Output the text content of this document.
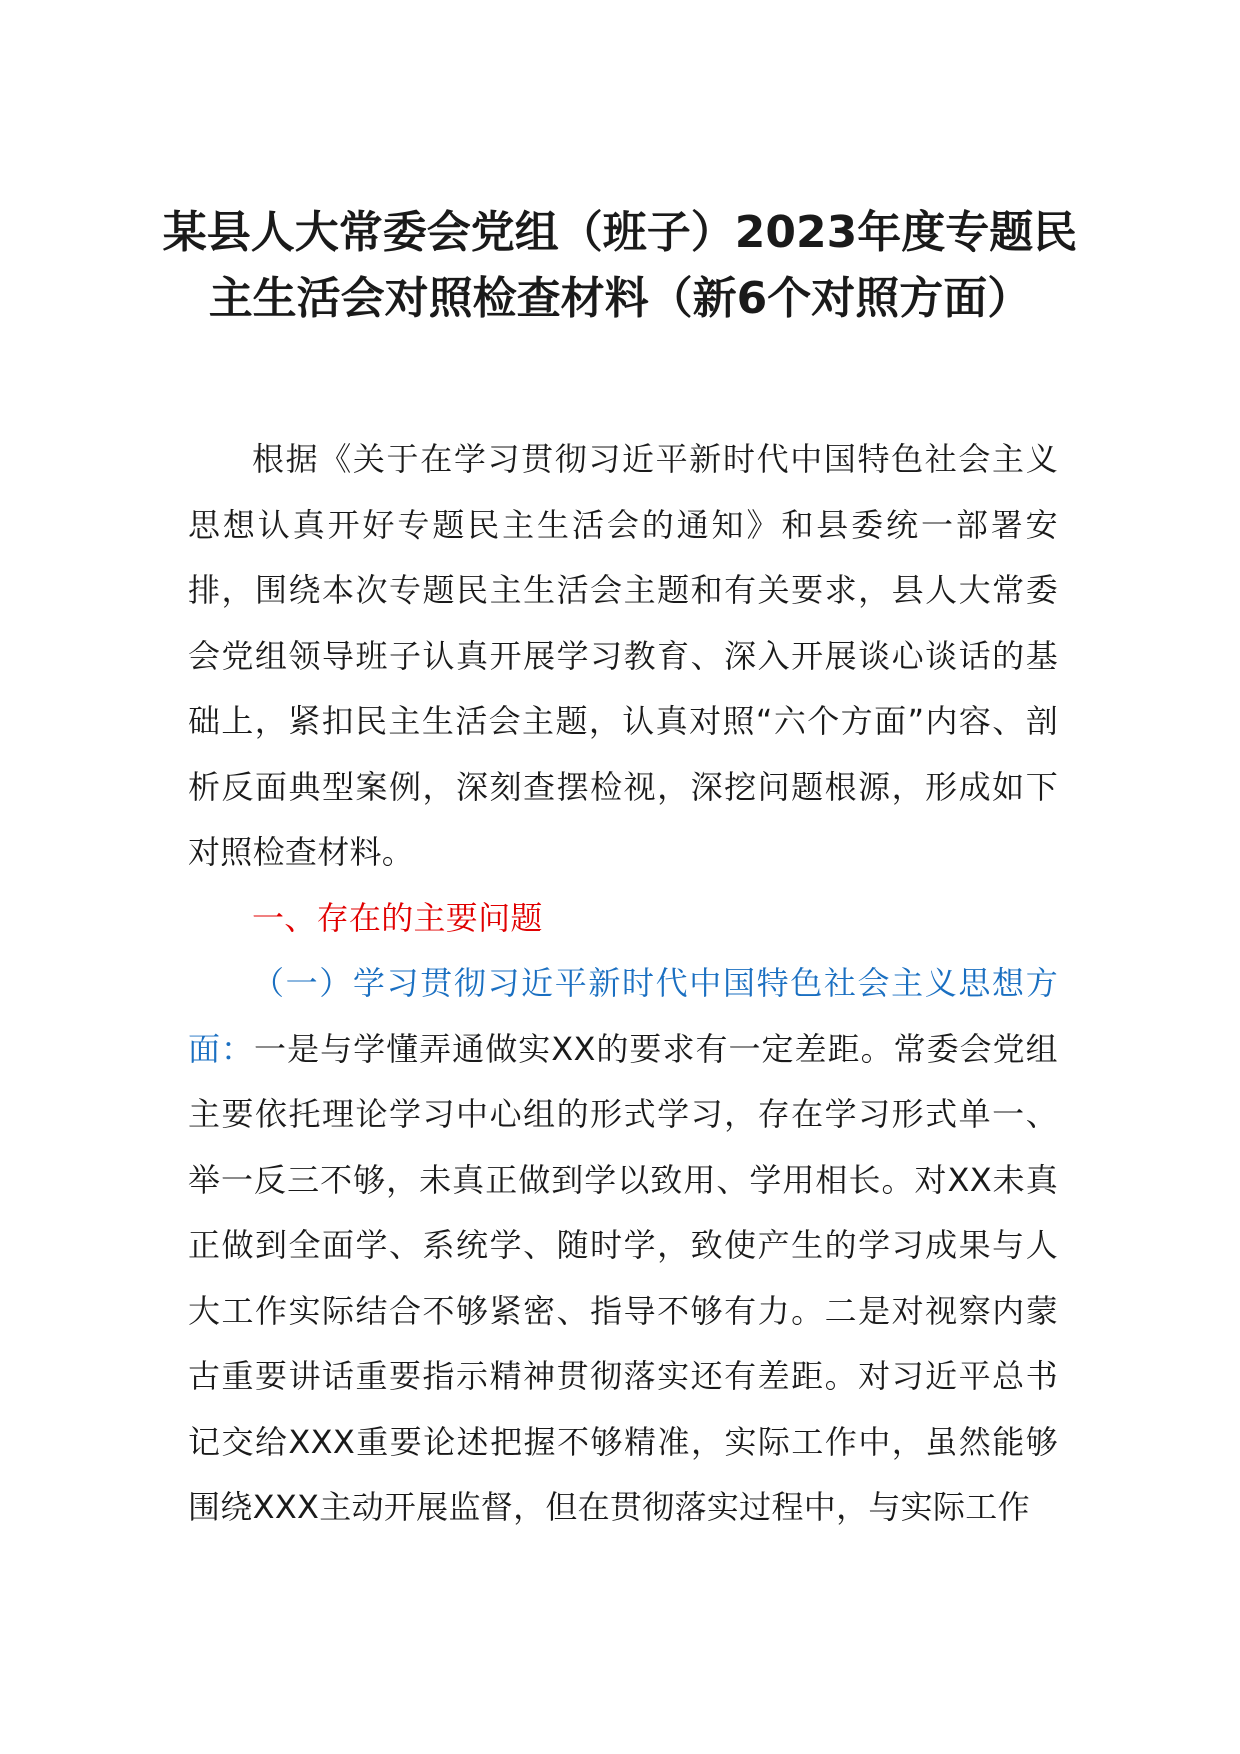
某县人大常委会党组（班子）2023年度专题民主生活会对照检查材料（新6个对照方面）

根据《关于在学习贯彻习近平新时代中国特色社会主义思想认真开好专题民主生活会的通知》和县委统一部署安排，围绕本次专题民主生活会主题和有关要求，县人大常委会党组领导班子认真开展学习教育、深入开展谈心谈话的基础上，紧扣民主生活会主题，认真对照“六个方面”内容、剖析反面典型案例，深刻查摆检视，深挖问题根源，形成如下对照检查材料。

一、存在的主要问题

（一）学习贯彻习近平新时代中国特色社会主义思想方面：一是与学懂弄通做实XX的要求有一定差距。常委会党组主要依托理论学习中心组的形式学习，存在学习形式单一、举一反三不够，未真正做到学以致用、学用相长。对XX未真正做到全面学、系统学、随时学，致使产生的学习成果与人大工作实际结合不够紧密、指导不够有力。二是对视察内蒙古重要讲话重要指示精神贯彻落实还有差距。对习近平总书记交给XXX重要论述把握不够精准，实际工作中，虽然能够围绕XXX主动开展监督，但在贯彻落实过程中，与实际工作
